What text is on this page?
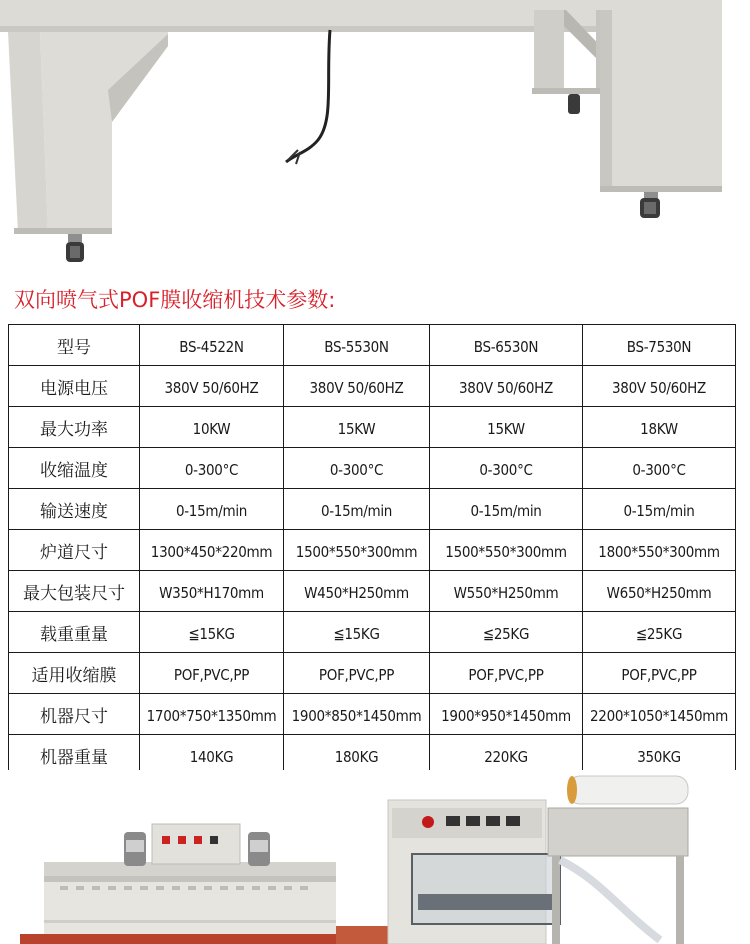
双向喷气式POF膜收缩机技术参数:
型号	BS-4522N	BS-5530N	BS-6530N	BS-7530N
电源电压	380V 50/60HZ	380V 50/60HZ	380V 50/60HZ	380V 50/60HZ
最大功率	10KW	15KW	15KW	18KW
收缩温度	0-300°C	0-300°C	0-300°C	0-300°C
输送速度	0-15m/min	0-15m/min	0-15m/min	0-15m/min
炉道尺寸	1300*450*220mm	1500*550*300mm	1500*550*300mm	1800*550*300mm
最大包装尺寸	W350*H170mm	W450*H250mm	W550*H250mm	W650*H250mm
载重重量	≦15KG	≦15KG	≦25KG	≦25KG
适用收缩膜	POF,PVC,PP	POF,PVC,PP	POF,PVC,PP	POF,PVC,PP
机器尺寸	1700*750*1350mm	1900*850*1450mm	1900*950*1450mm	2200*1050*1450mm
机器重量	140KG	180KG	220KG	350KG
